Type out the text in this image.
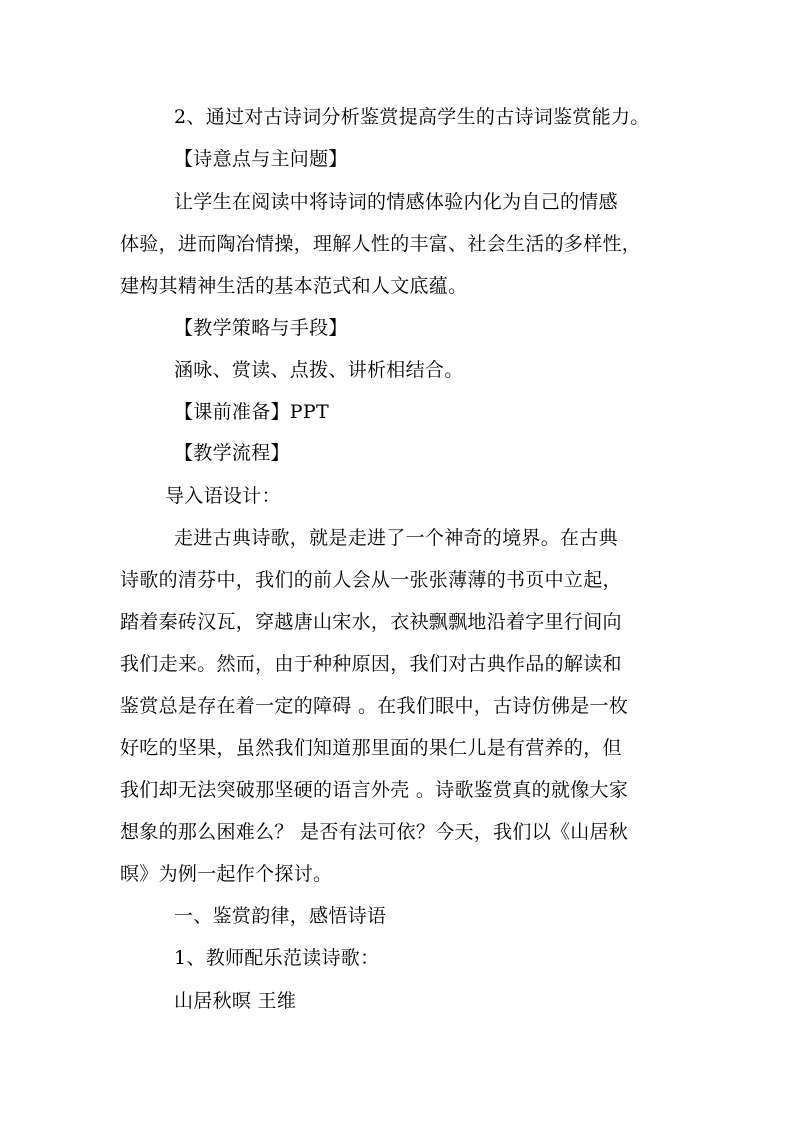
2、通过对古诗词分析鉴赏提高学生的古诗词鉴赏能力。
【诗意点与主问题】
让学生在阅读中将诗词的情感体验内化为自己的情感
体验，进而陶冶情操，理解人性的丰富、社会生活的多样性，
建构其精神生活的基本范式和人文底蕴。
【教学策略与手段】
涵咏、赏读、点拨、讲析相结合。
【课前准备】PPT
【教学流程】
导入语设计：
走进古典诗歌，就是走进了一个神奇的境界。在古典
诗歌的清芬中，我们的前人会从一张张薄薄的书页中立起，
踏着秦砖汉瓦，穿越唐山宋水，衣袂飘飘地沿着字里行间向
我们走来。然而，由于种种原因，我们对古典作品的解读和
鉴赏总是存在着一定的障碍 。在我们眼中，古诗仿佛是一枚
好吃的坚果，虽然我们知道那里面的果仁儿是有营养的，但
我们却无法突破那坚硬的语言外壳 。诗歌鉴赏真的就像大家
想象的那么困难么？ 是否有法可依？今天，我们以《山居秋
暝》为例一起作个探讨。
一、鉴赏韵律，感悟诗语
1、教师配乐范读诗歌：
山居秋暝 王维
